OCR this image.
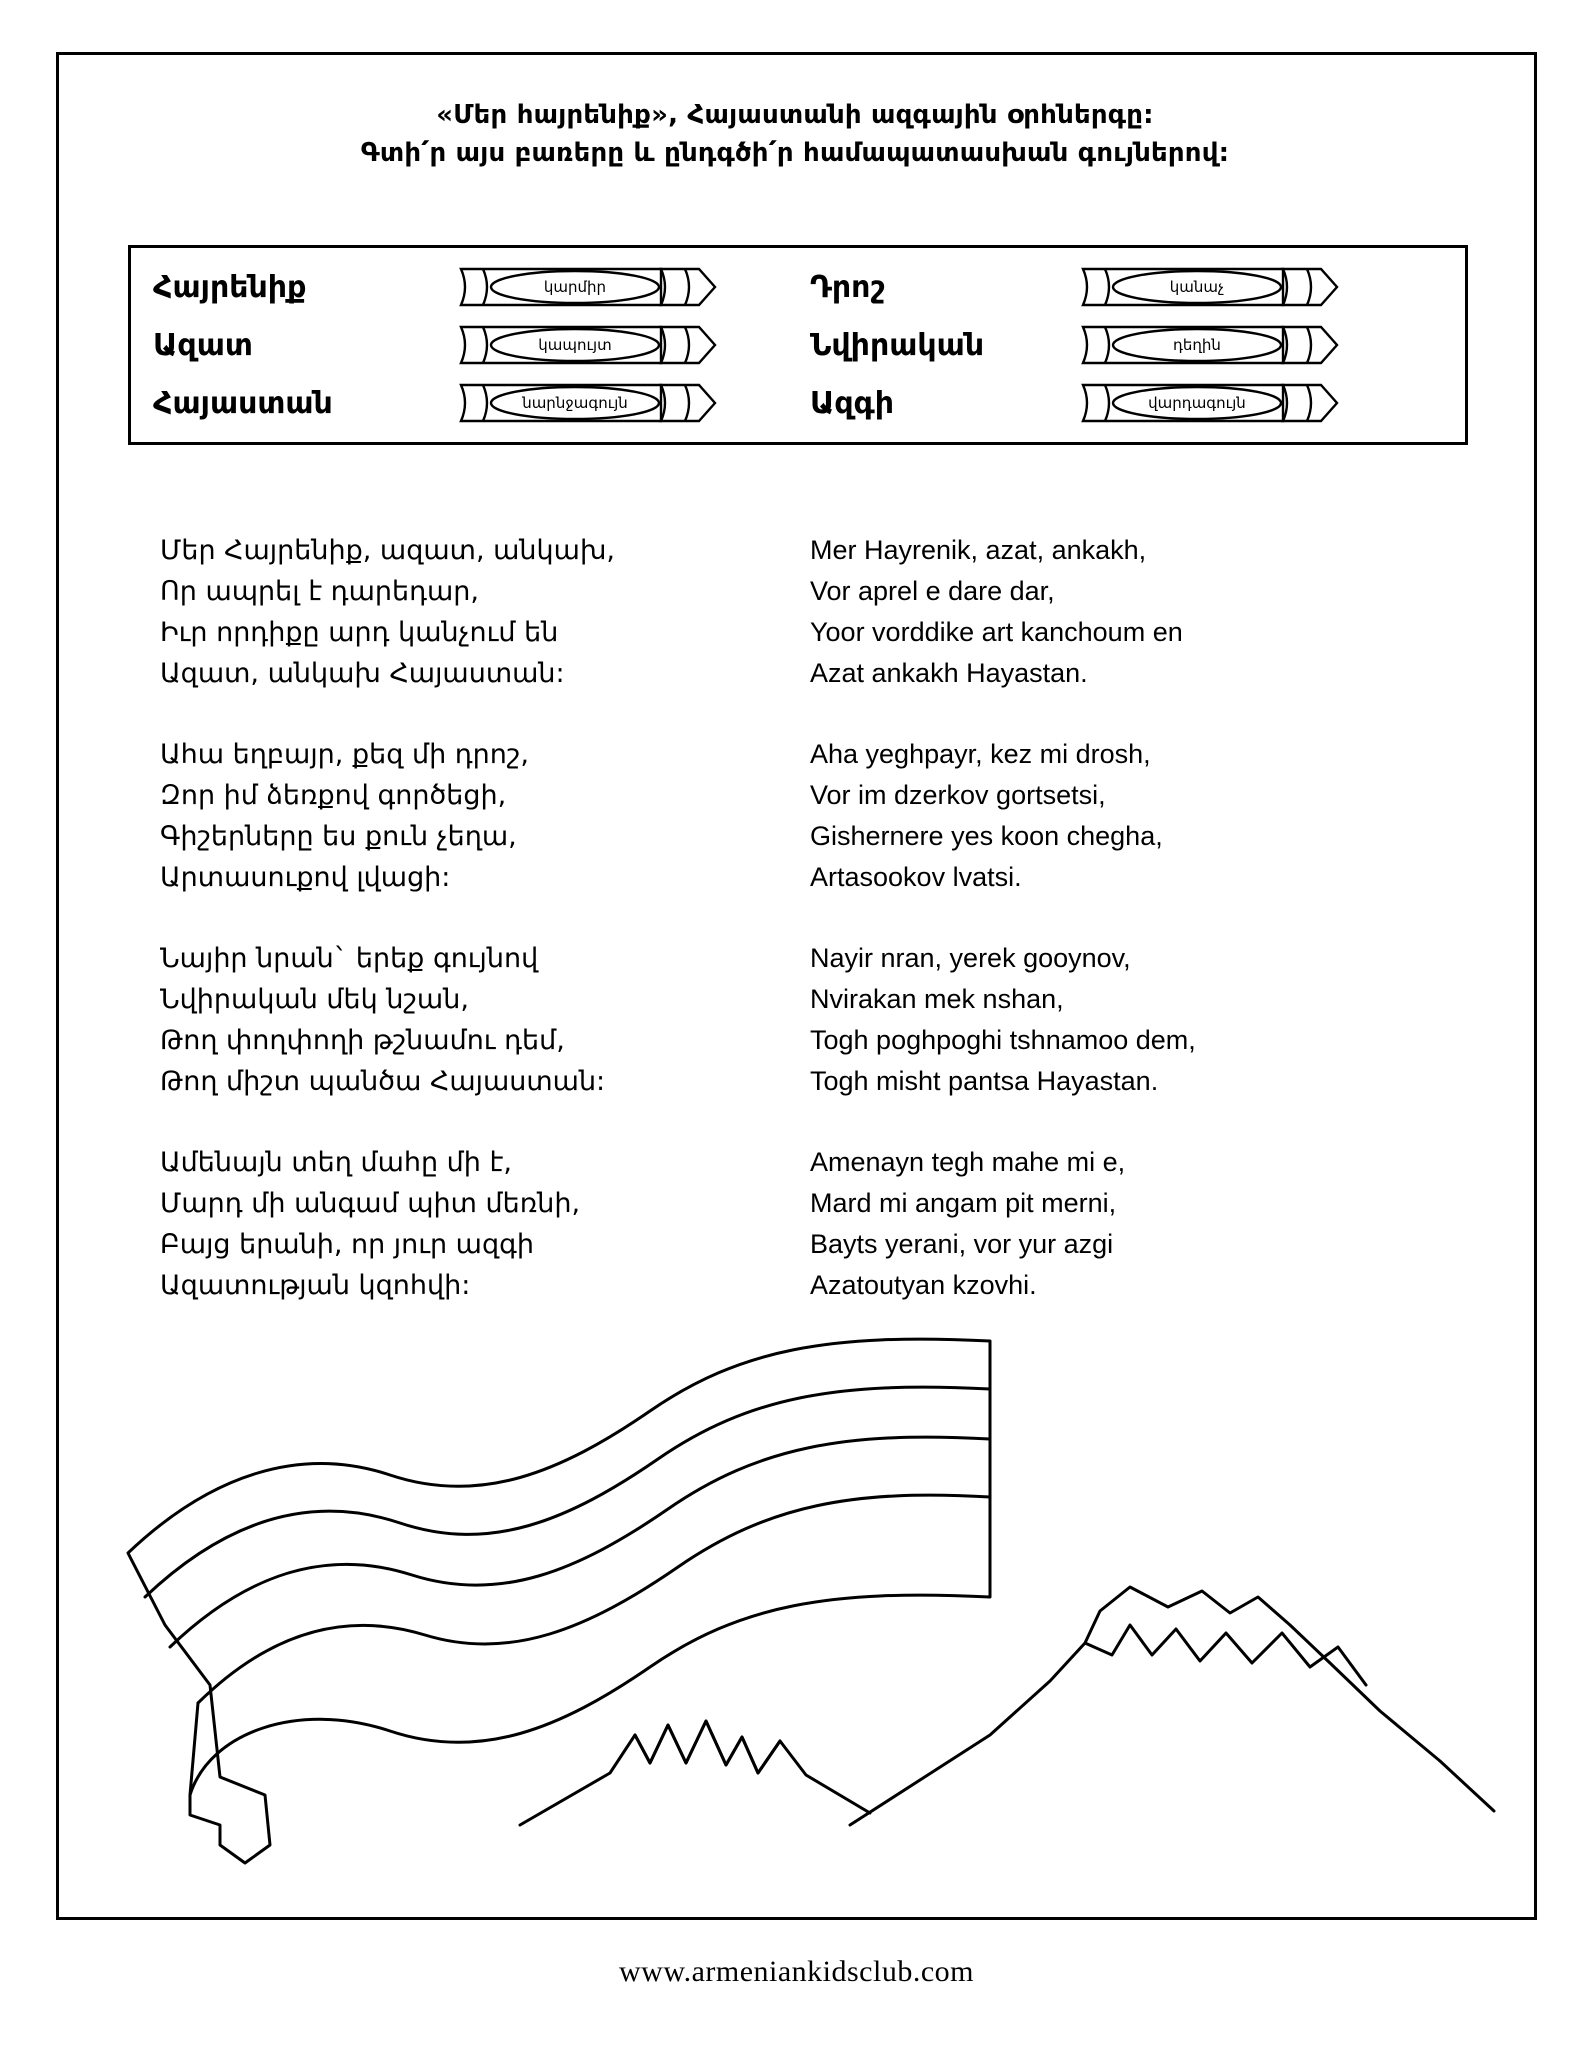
«Մեր հայրենիք», Հայաստանի ազգային օրհներգը:
Գտի՛ր այս բառերը և ընդգծի՛ր համապատասխան գույներով:
Հայրենիք	կարմիր	Դրոշ	կանաչ
Ազատ	կապույտ	Նվիրական	դեղին
Հայաստան	նարնջագույն	Ազգի	վարդագույն
Մեր Հայրենիք, ազատ, անկախ,
Որ ապրել է դարեդար,
Իւր որդիքը արդ կանչում են
Ազատ, անկախ Հայաստան:
Ահա եղբայր, քեզ մի դրոշ,
Զոր իմ ձեռքով գործեցի,
Գիշերները ես քուն չեղա,
Արտասուքով լվացի:
Նայիր նրան` երեք գույնով
Նվիրական մեկ նշան,
Թող փողփողի թշնամու դեմ,
Թող միշտ պանծա Հայաստան:
Ամենայն տեղ մահը մի է,
Մարդ մի անգամ պիտ մեռնի,
Բայց երանի, որ յուր ազգի
Ազատության կզոհվի:
Mer Hayrenik, azat, ankakh,
Vor aprel e dare dar,
Yoor vorddike art kanchoum en
Azat ankakh Hayastan.
Aha yeghpayr, kez mi drosh,
Vor im dzerkov gortsetsi,
Gishernere yes koon chegha,
Artasookov lvatsi.
Nayir nran, yerek gooynov,
Nvirakan mek nshan,
Togh poghpoghi tshnamoo dem,
Togh misht pantsa Hayastan.
Amenayn tegh mahe mi e,
Mard mi angam pit merni,
Bayts yerani, vor yur azgi
Azatoutyan kzovhi.
www.armeniankidsclub.com
